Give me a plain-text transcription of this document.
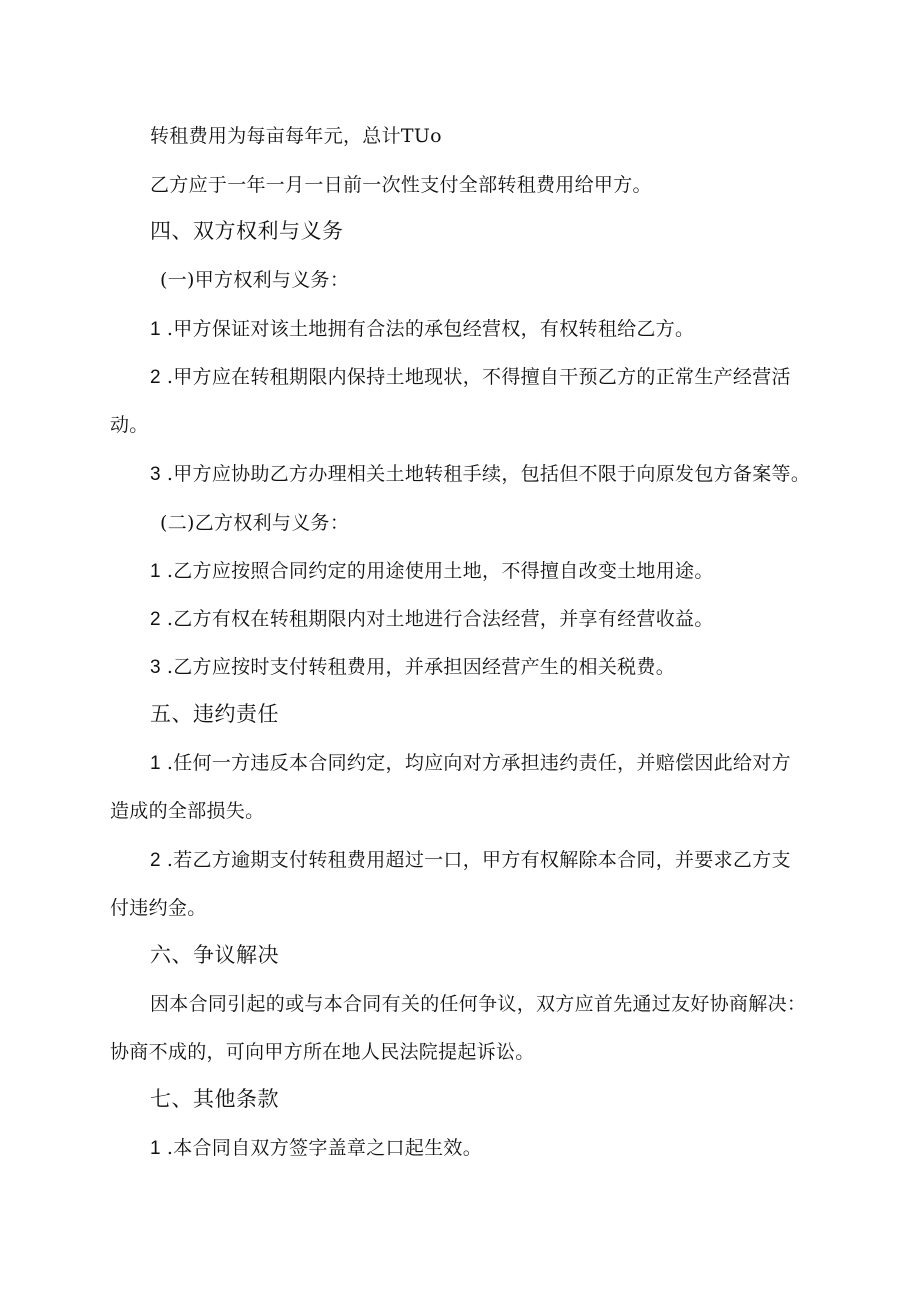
转租费用为每亩每年元，总计TUo
乙方应于一年一月一日前一次性支付全部转租费用给甲方。
四、双方权利与义务
(一)甲方权利与义务：
1 .甲方保证对该土地拥有合法的承包经营权，有权转租给乙方。
2 .甲方应在转租期限内保持土地现状，不得擅自干预乙方的正常生产经营活
动。
3 .甲方应协助乙方办理相关土地转租手续，包括但不限于向原发包方备案等。
(二)乙方权利与义务：
1 .乙方应按照合同约定的用途使用土地，不得擅自改变土地用途。
2 .乙方有权在转租期限内对土地进行合法经营，并享有经营收益。
3 .乙方应按时支付转租费用，并承担因经营产生的相关税费。
五、违约责任
1 .任何一方违反本合同约定，均应向对方承担违约责任，并赔偿因此给对方
造成的全部损失。
2 .若乙方逾期支付转租费用超过一口，甲方有权解除本合同，并要求乙方支
付违约金。
六、争议解决
因本合同引起的或与本合同有关的任何争议，双方应首先通过友好协商解决：
协商不成的，可向甲方所在地人民法院提起诉讼。
七、其他条款
1 .本合同自双方签字盖章之口起生效。
